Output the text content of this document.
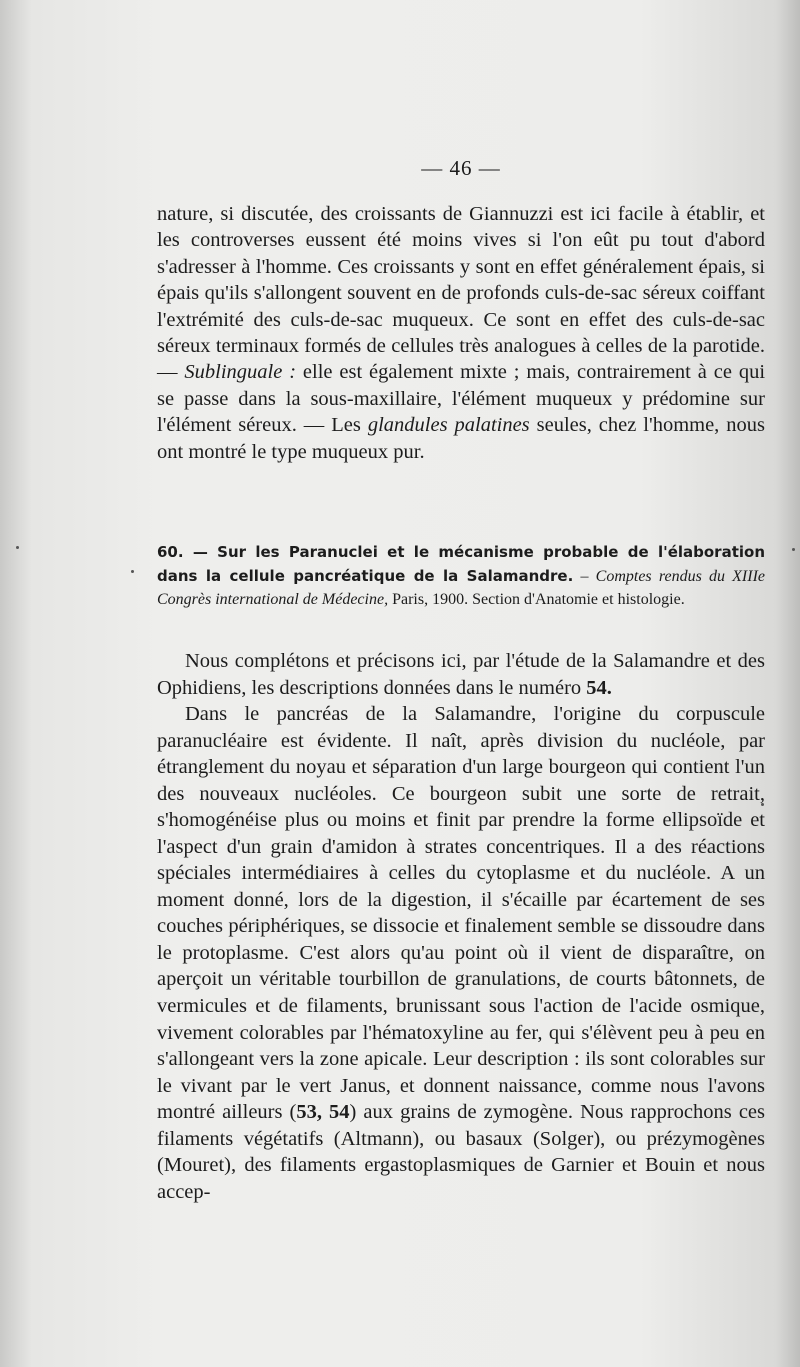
— 46 —

nature, si discutée, des croissants de Giannuzzi est ici facile à établir, et les controverses eussent été moins vives si l'on eût pu tout d'abord s'adresser à l'homme. Ces croissants y sont en effet généralement épais, si épais qu'ils s'allongent souvent en de profonds culs-de-sac séreux coiffant l'extrémité des culs-de-sac muqueux. Ce sont en effet des culs-de-sac séreux terminaux formés de cellules très analogues à celles de la parotide. — Sublinguale : elle est également mixte ; mais, contrairement à ce qui se passe dans la sous-maxillaire, l'élément muqueux y prédomine sur l'élément séreux. — Les glandules palatines seules, chez l'homme, nous ont montré le type muqueux pur.

60. — Sur les Paranuclei et le mécanisme probable de l'élaboration dans la cellule pancréatique de la Salamandre. – Comptes rendus du XIIIe Congrès international de Médecine, Paris, 1900. Section d'Anatomie et histologie.

Nous complétons et précisons ici, par l'étude de la Salamandre et des Ophidiens, les descriptions données dans le numéro 54.

Dans le pancréas de la Salamandre, l'origine du corpuscule paranucléaire est évidente. Il naît, après division du nucléole, par étranglement du noyau et séparation d'un large bourgeon qui contient l'un des nouveaux nucléoles. Ce bourgeon subit une sorte de retrait, s'homogénéise plus ou moins et finit par prendre la forme ellipsoïde et l'aspect d'un grain d'amidon à strates concentriques. Il a des réactions spéciales intermédiaires à celles du cytoplasme et du nucléole. A un moment donné, lors de la digestion, il s'écaille par écartement de ses couches périphériques, se dissocie et finalement semble se dissoudre dans le protoplasme. C'est alors qu'au point où il vient de disparaître, on aperçoit un véritable tourbillon de granulations, de courts bâtonnets, de vermicules et de filaments, brunissant sous l'action de l'acide osmique, vivement colorables par l'hématoxyline au fer, qui s'élèvent peu à peu en s'allongeant vers la zone apicale. Leur description : ils sont colorables sur le vivant par le vert Janus, et donnent naissance, comme nous l'avons montré ailleurs (53, 54) aux grains de zymogène. Nous rapprochons ces filaments végétatifs (Altmann), ou basaux (Solger), ou prézymogènes (Mouret), des filaments ergastoplasmiques de Garnier et Bouin et nous accep-
